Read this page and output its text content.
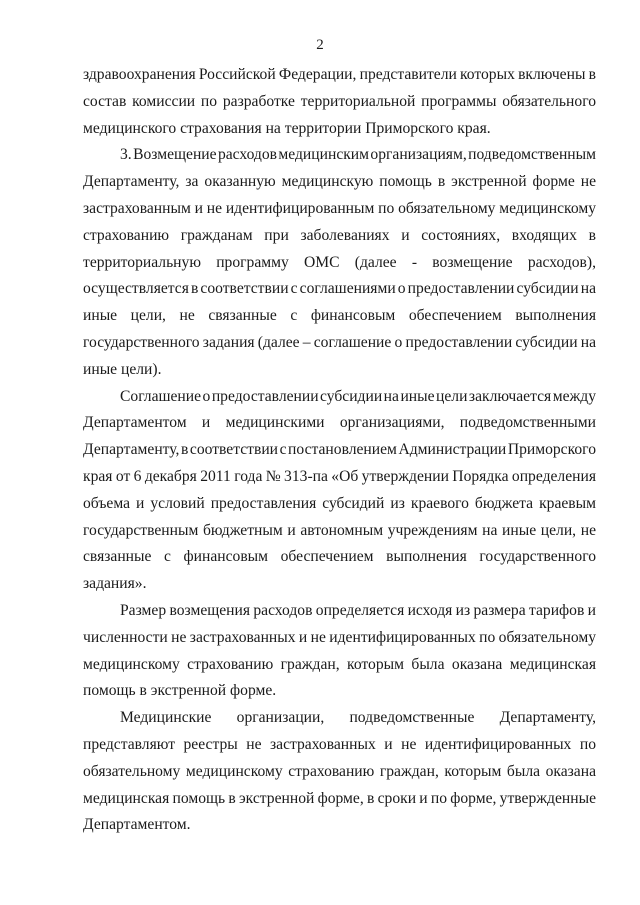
2

здравоохранения Российской Федерации, представители которых включены в
состав комиссии по разработке территориальной программы обязательного
медицинского страхования на территории Приморского края.

3. Возмещение расходов медицинским организациям, подведомственным
Департаменту, за оказанную медицинскую помощь в экстренной форме не
застрахованным и не идентифицированным по обязательному медицинскому
страхованию гражданам при заболеваниях и состояниях, входящих в
территориальную программу ОМС (далее - возмещение расходов),
осуществляется в соответствии с соглашениями о предоставлении субсидии на
иные цели, не связанные с финансовым обеспечением выполнения
государственного задания (далее – соглашение о предоставлении субсидии на
иные цели).

Соглашение о предоставлении субсидии на иные цели заключается между
Департаментом и медицинскими организациями, подведомственными
Департаменту, в соответствии с постановлением Администрации Приморского
края от 6 декабря 2011 года № 313-па «Об утверждении Порядка определения
объема и условий предоставления субсидий из краевого бюджета краевым
государственным бюджетным и автономным учреждениям на иные цели, не
связанные с финансовым обеспечением выполнения государственного
задания».

Размер возмещения расходов определяется исходя из размера тарифов и
численности не застрахованных и не идентифицированных по обязательному
медицинскому страхованию граждан, которым была оказана медицинская
помощь в экстренной форме.

Медицинские организации, подведомственные Департаменту,
представляют реестры не застрахованных и не идентифицированных по
обязательному медицинскому страхованию граждан, которым была оказана
медицинская помощь в экстренной форме, в сроки и по форме, утвержденные
Департаментом.
